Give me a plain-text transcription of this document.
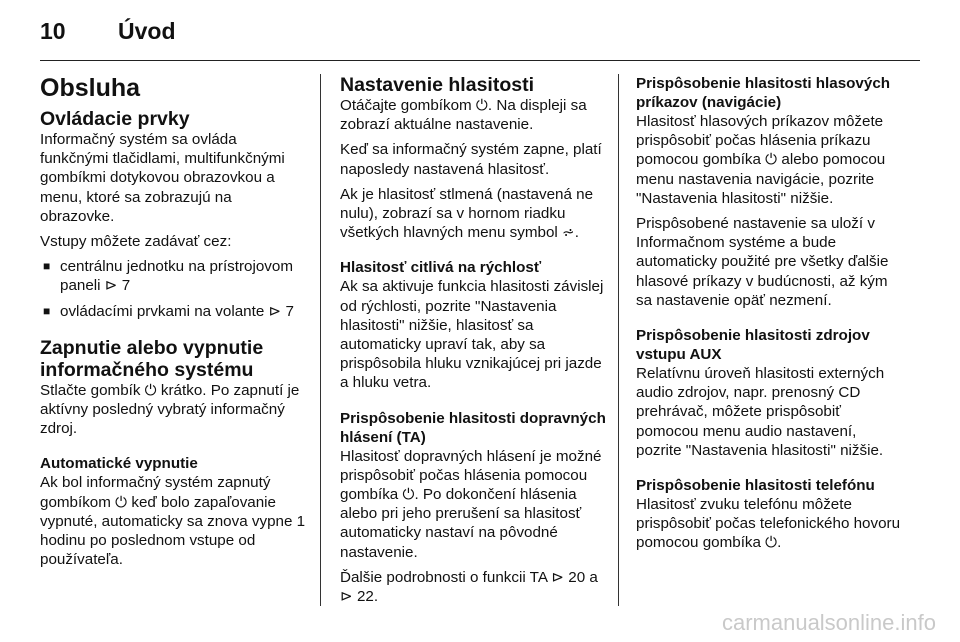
10 Úvod
Obsluha
Ovládacie prvky

Informačný systém sa ovláda funkčnými tlačidlami, multifunkčnými gombíkmi dotykovou obrazovkou a menu, ktoré sa zobrazujú na obrazovke.

Vstupy môžete zadávať cez:

■ centrálnu jednotku na prístrojovom paneli ⊳ 7
■ ovládacími prvkami na volante ⊳ 7
Zapnutie alebo vypnutie informačného systému

Stlačte gombík ⏻ krátko. Po zapnutí je aktívny posledný vybratý informačný zdroj.

Automatické vypnutie

Ak bol informačný systém zapnutý gombíkom ⏻ keď bolo zapaľovanie vypnuté, automaticky sa znova vypne 1 hodinu po poslednom vstupe od používateľa.

Nastavenie hlasitosti

Otáčajte gombíkom ⏻. Na displeji sa zobrazí aktuálne nastavenie.

Keď sa informačný systém zapne, platí naposledy nastavená hlasitosť.

Ak je hlasitosť stlmená (nastavená ne nulu), zobrazí sa v hornom riadku všetkých hlavných menu symbol ⩫.

Hlasitosť citlivá na rýchlosť

Ak sa aktivuje funkcia hlasitosti závislej od rýchlosti, pozrite "Nastavenia hlasitosti" nižšie, hlasitosť sa automaticky upraví tak, aby sa prispôsobila hluku vznikajúcej pri jazde a hluku vetra.

Prispôsobenie hlasitosti dopravných hlásení (TA)

Hlasitosť dopravných hlásení je možné prispôsobiť počas hlásenia pomocou gombíka ⏻. Po dokončení hlásenia alebo pri jeho prerušení sa hlasitosť automaticky nastaví na pôvodné nastavenie.

Ďalšie podrobnosti o funkcii TA ⊳ 20 a ⊳ 22.

Prispôsobenie hlasitosti hlasových príkazov (navigácie)

Hlasitosť hlasových príkazov môžete prispôsobiť počas hlásenia príkazu pomocou gombíka ⏻ alebo pomocou menu nastavenia navigácie, pozrite "Nastavenia hlasitosti" nižšie.

Prispôsobené nastavenie sa uloží v Informačnom systéme a bude automaticky použité pre všetky ďalšie hlasové príkazy v budúcnosti, až kým sa nastavenie opäť nezmení.

Prispôsobenie hlasitosti zdrojov vstupu AUX

Relatívnu úroveň hlasitosti externých audio zdrojov, napr. prenosný CD prehrávač, môžete prispôsobiť pomocou menu audio nastavení, pozrite "Nastavenia hlasitosti" nižšie.

Prispôsobenie hlasitosti telefónu

Hlasitosť zvuku telefónu môžete prispôsobiť počas telefonického hovoru pomocou gombíka ⏻.

carmanualsonline.info
